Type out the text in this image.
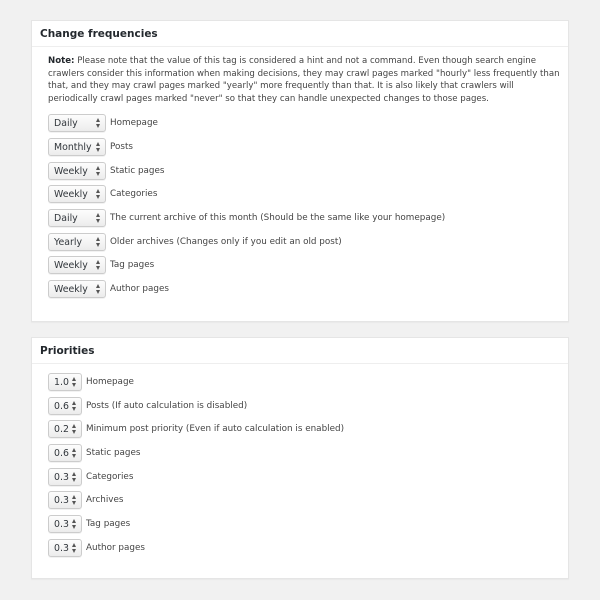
Change frequencies

Note: Please note that the value of this tag is considered a hint and not a command. Even though search engine crawlers consider this information when making decisions, they may crawl pages marked "hourly" less frequently than that, and they may crawl pages marked "yearly" more frequently than that. It is also likely that crawlers will periodically crawl pages marked "never" so that they can handle unexpected changes to those pages.

Daily	Homepage
Monthly	Posts
Weekly	Static pages
Weekly	Categories
Daily	The current archive of this month (Should be the same like your homepage)
Yearly	Older archives (Changes only if you edit an old post)
Weekly	Tag pages
Weekly	Author pages
Priorities
1.0	Homepage
0.6	Posts (If auto calculation is disabled)
0.2	Minimum post priority (Even if auto calculation is enabled)
0.6	Static pages
0.3	Categories
0.3	Archives
0.3	Tag pages
0.3	Author pages
